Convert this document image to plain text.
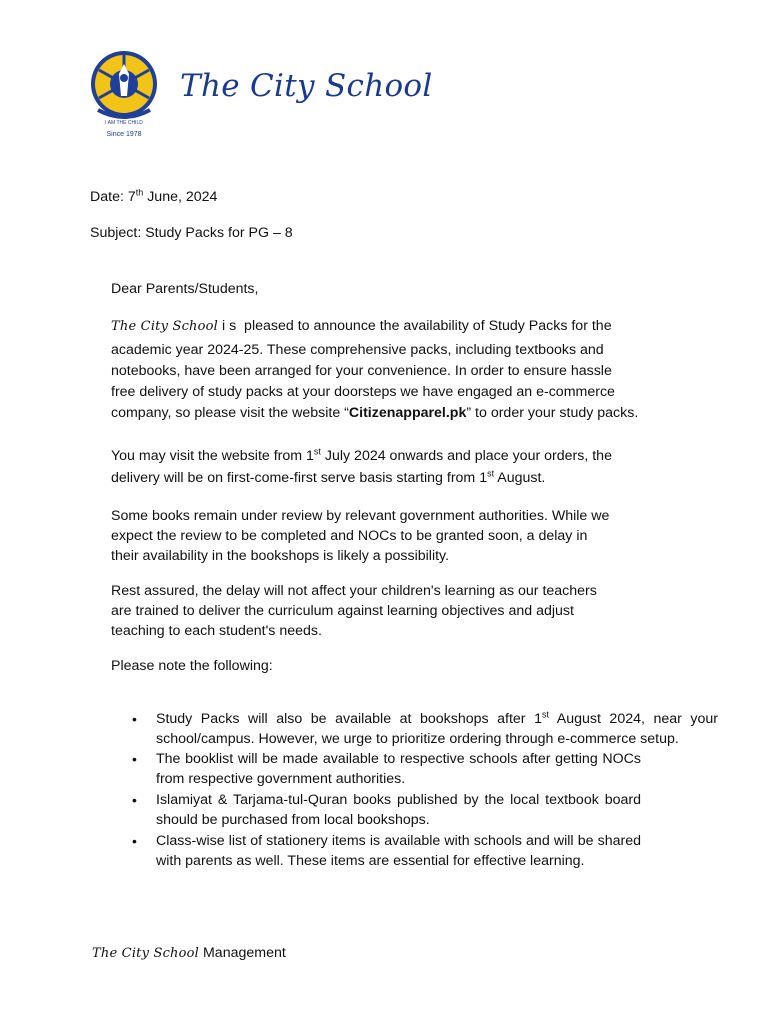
I AM THE CHILD
Since 1978
The City School
Date: 7th June, 2024
Subject: Study Packs for PG – 8
Dear Parents/Students,

The City School i s  pleased to announce the availability of Study Packs for the

academic year 2024-25. These comprehensive packs, including textbooks and

notebooks, have been arranged for your convenience. In order to ensure hassle

free delivery of study packs at your doorsteps we have engaged an e-commerce

company, so please visit the website “Citizenapparel.pk” to order your study packs.

You may visit the website from 1st July 2024 onwards and place your orders, the

delivery will be on first-come-first serve basis starting from 1st August.

Some books remain under review by relevant government authorities. While we

expect the review to be completed and NOCs to be granted soon, a delay in

their availability in the bookshops is likely a possibility.

Rest assured, the delay will not affect your children's learning as our teachers

are trained to deliver the curriculum against learning objectives and adjust

teaching to each student's needs.

Please note the following:
•	Study Packs will also be available at bookshops after 1st August 2024, near your school/campus. However, we urge to prioritize ordering through e-commerce setup.
•	The booklist will be made available to respective schools after getting NOCs from respective government authorities.
•	Islamiyat & Tarjama-tul-Quran books published by the local textbook board should be purchased from local bookshops.
•	Class-wise list of stationery items is available with schools and will be shared with parents as well. These items are essential for effective learning.
The City School Management
